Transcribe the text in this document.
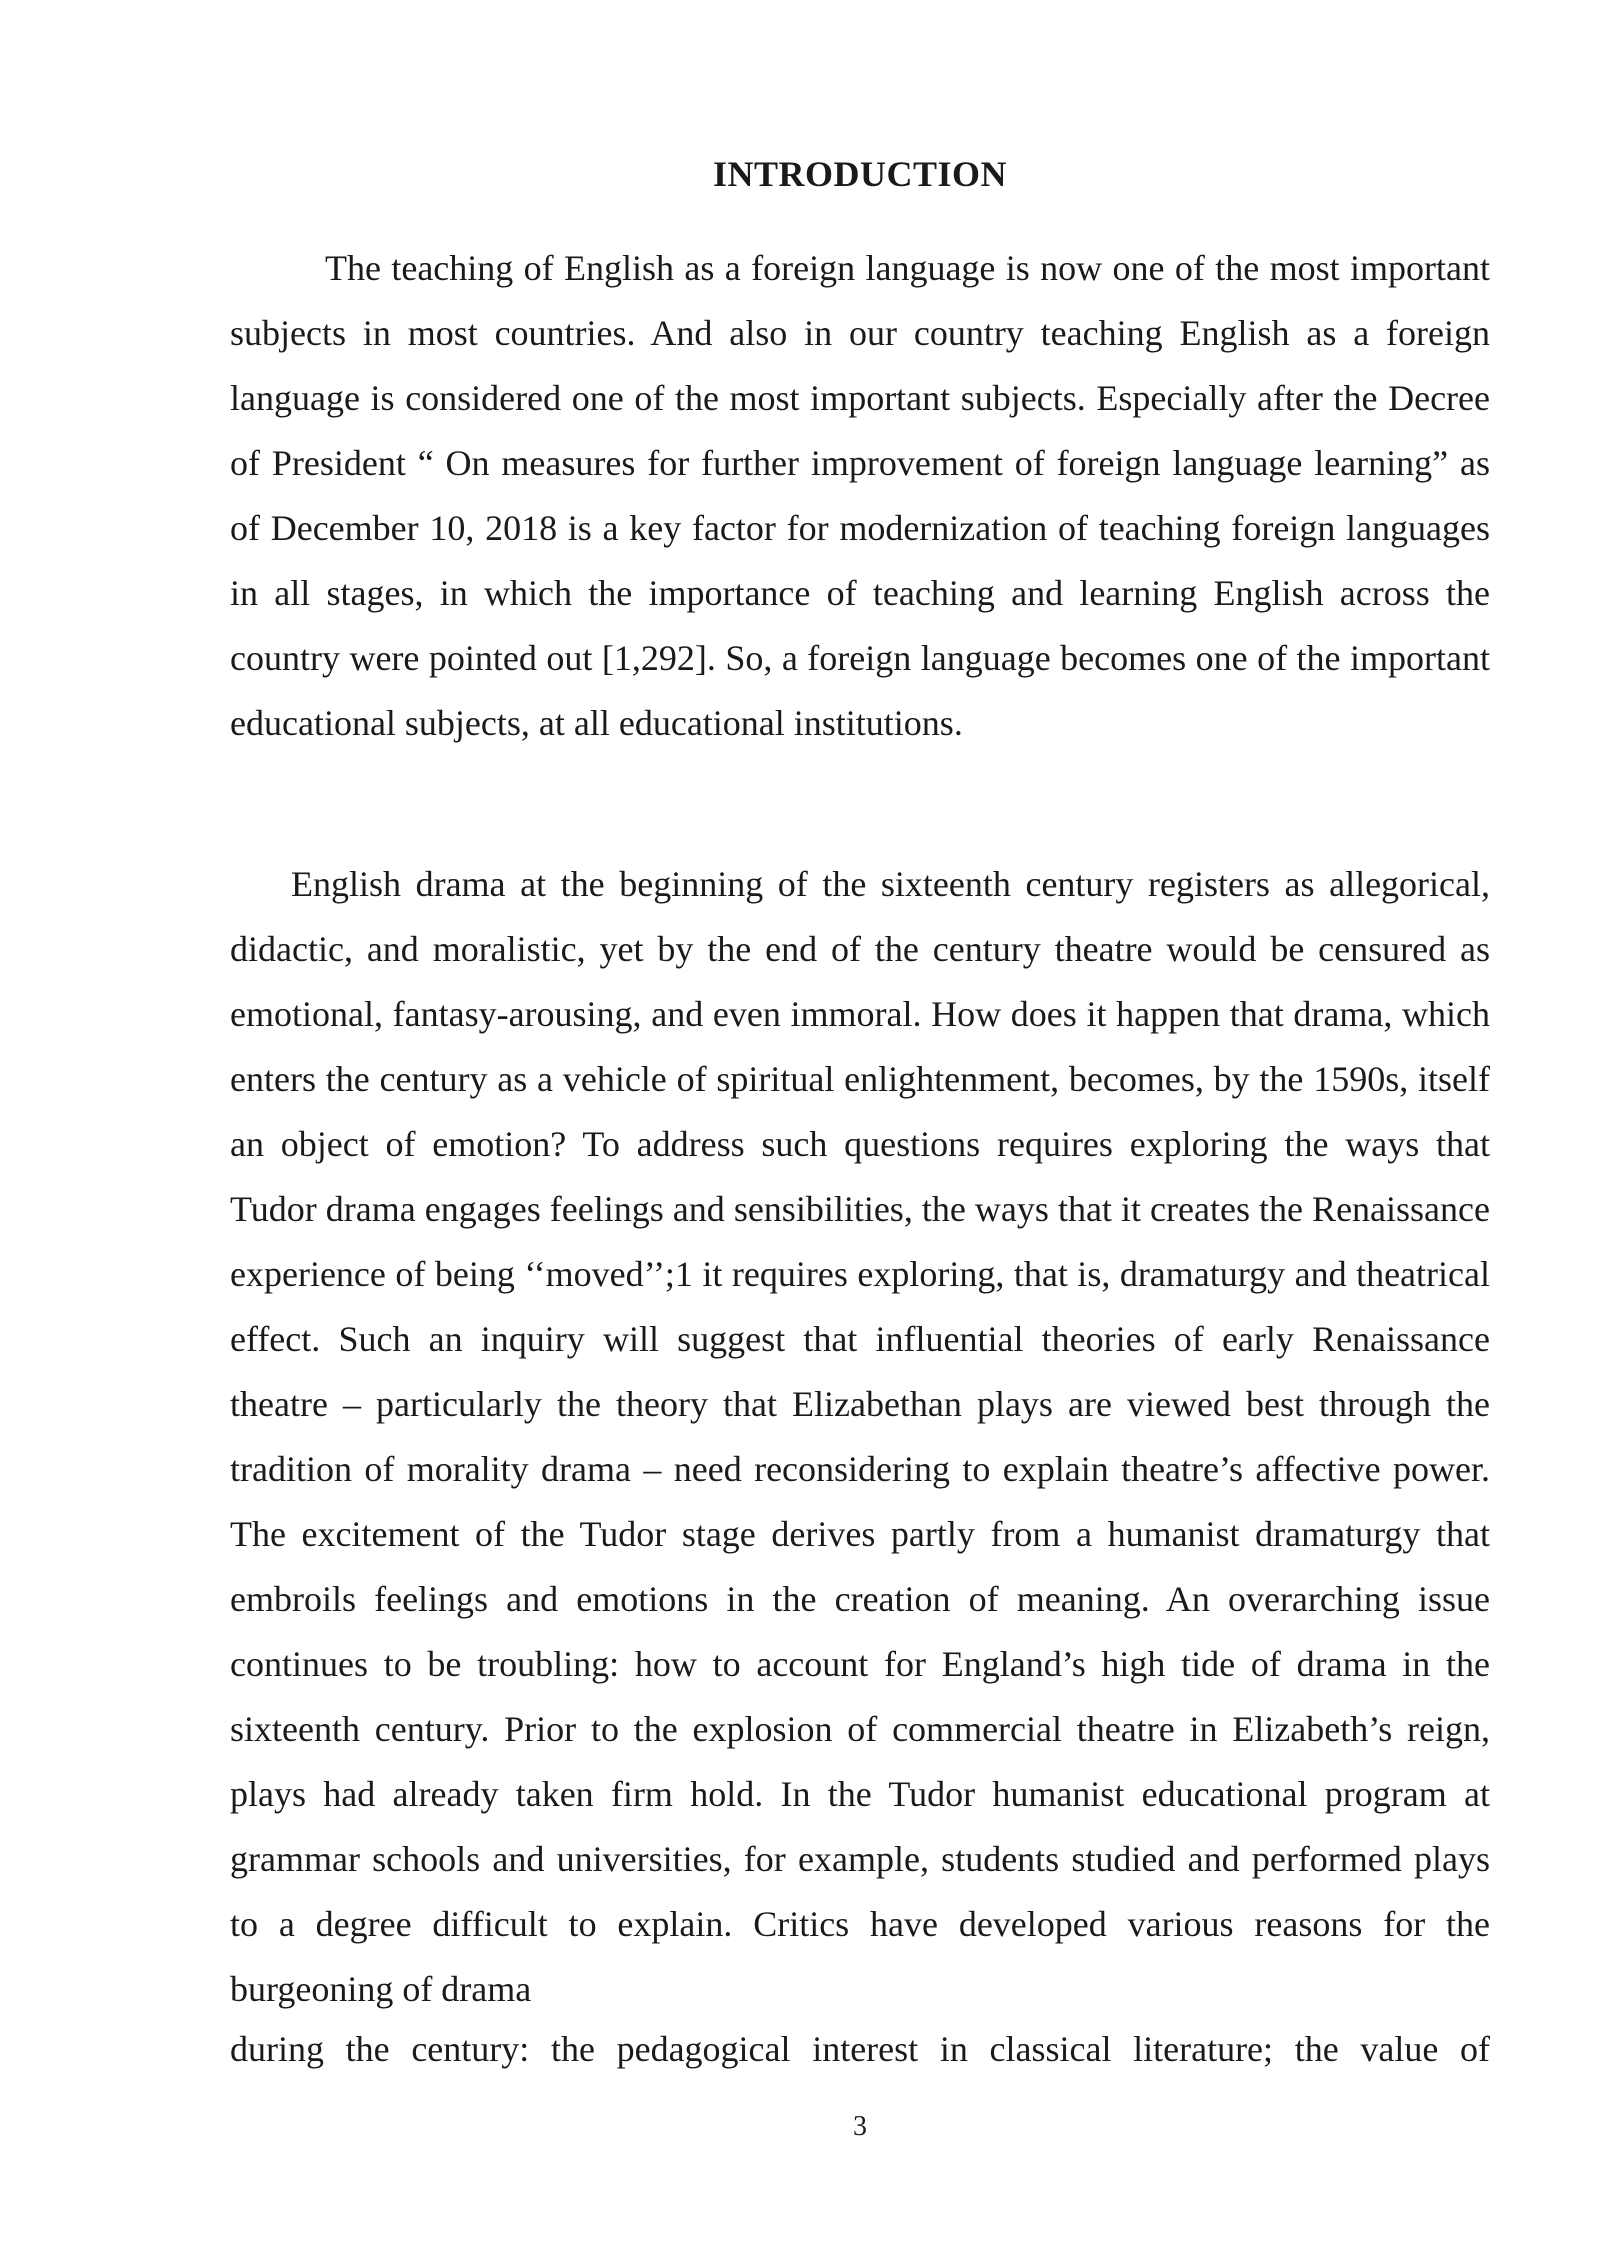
INTRODUCTION

The teaching of English as a foreign language is now one of the most important subjects in most countries. And also in our country teaching English as a foreign language is considered one of the most important subjects. Especially after the Decree of President “ On measures for further improvement of foreign language learning” as of December 10, 2018 is a key factor for modernization of teaching foreign languages in all stages, in which the importance of teaching and learning English across the country were pointed out [1,292]. So, a foreign language becomes one of the important educational subjects, at all educational institutions.

English drama at the beginning of the sixteenth century registers as allegorical, didactic, and moralistic, yet by the end of the century theatre would be censured as emotional, fantasy-arousing, and even immoral. How does it happen that drama, which enters the century as a vehicle of spiritual enlightenment, becomes, by the 1590s, itself an object of emotion? To address such questions requires exploring the ways that Tudor drama engages feelings and sensibilities, the ways that it creates the Renaissance experience of being ‘‘moved’’;1 it requires exploring, that is, dramaturgy and theatrical effect. Such an inquiry will suggest that influential theories of early Renaissance theatre – particularly the theory that Elizabethan plays are viewed best through the tradition of morality drama – need reconsidering to explain theatre’s affective power. The excitement of the Tudor stage derives partly from a humanist dramaturgy that embroils feelings and emotions in the creation of meaning. An overarching issue continues to be troubling: how to account for England’s high tide of drama in the sixteenth century. Prior to the explosion of commercial theatre in Elizabeth’s reign, plays had already taken firm hold. In the Tudor humanist educational program at grammar schools and universities, for example, students studied and performed plays to a degree difficult to explain. Critics have developed various reasons for the burgeoning of drama

during the century: the pedagogical interest in classical literature; the value of

3
